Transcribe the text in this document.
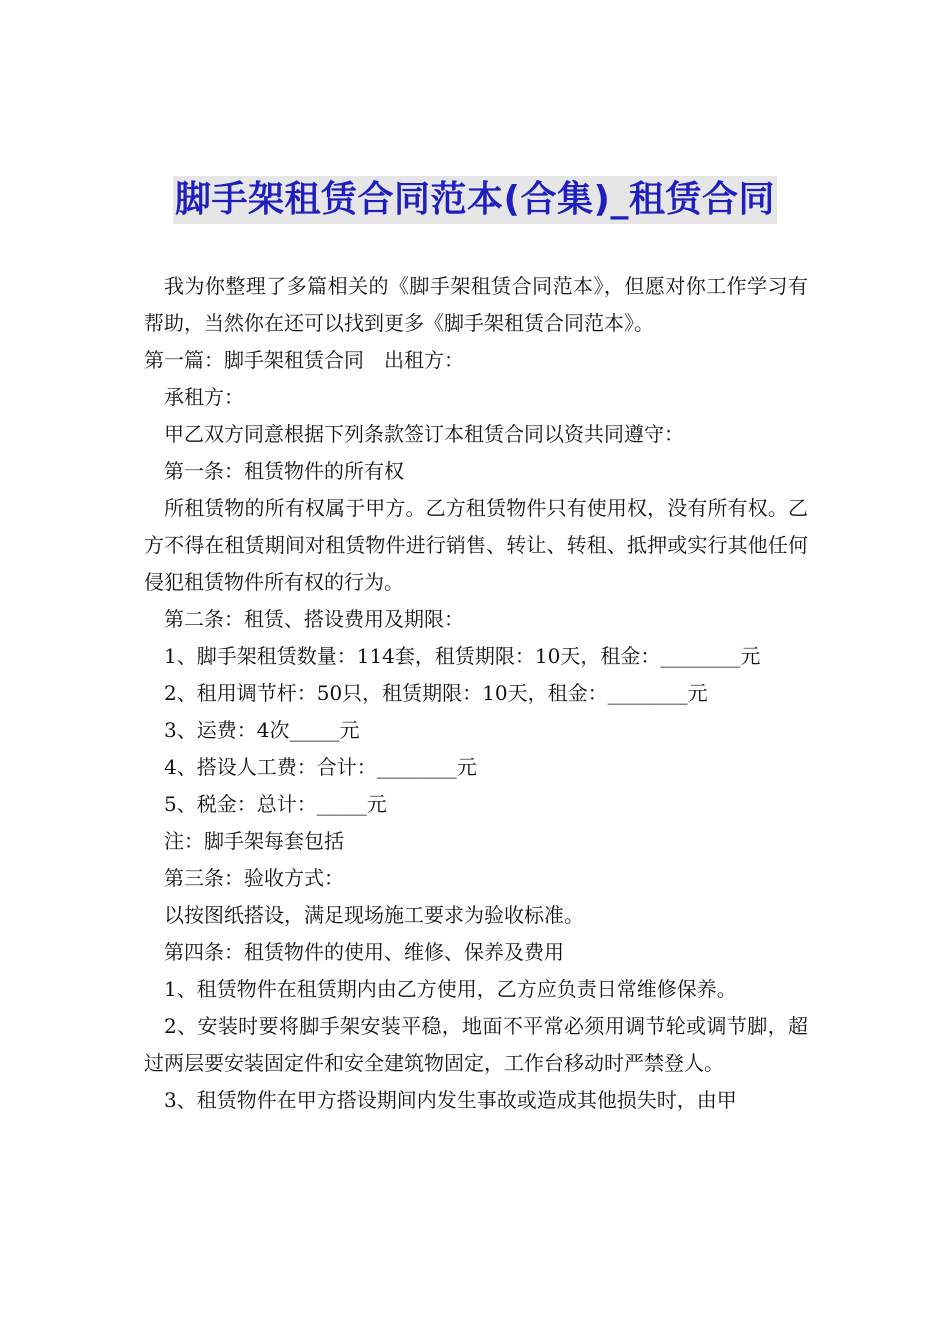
脚手架租赁合同范本(合集)_租赁合同

我为你整理了多篇相关的《脚手架租赁合同范本》，但愿对你工作学习有帮助，当然你在还可以找到更多《脚手架租赁合同范本》。

第一篇：脚手架租赁合同　出租方：

承租方：

甲乙双方同意根据下列条款签订本租赁合同以资共同遵守：

第一条：租赁物件的所有权

所租赁物的所有权属于甲方。乙方租赁物件只有使用权，没有所有权。乙方不得在租赁期间对租赁物件进行销售、转让、转租、抵押或实行其他任何侵犯租赁物件所有权的行为。

第二条：租赁、搭设费用及期限：

1、脚手架租赁数量：114套，租赁期限：10天，租金：________元

2、租用调节杆：50只，租赁期限：10天，租金：________元

3、运费：4次_____元

4、搭设人工费：合计：________元

5、税金：总计：_____元

注：脚手架每套包括

第三条：验收方式：

以按图纸搭设，满足现场施工要求为验收标准。

第四条：租赁物件的使用、维修、保养及费用

1、租赁物件在租赁期内由乙方使用，乙方应负责日常维修保养。

2、安装时要将脚手架安装平稳，地面不平常必须用调节轮或调节脚，超过两层要安装固定件和安全建筑物固定，工作台移动时严禁登人。

3、租赁物件在甲方搭设期间内发生事故或造成其他损失时，由甲
